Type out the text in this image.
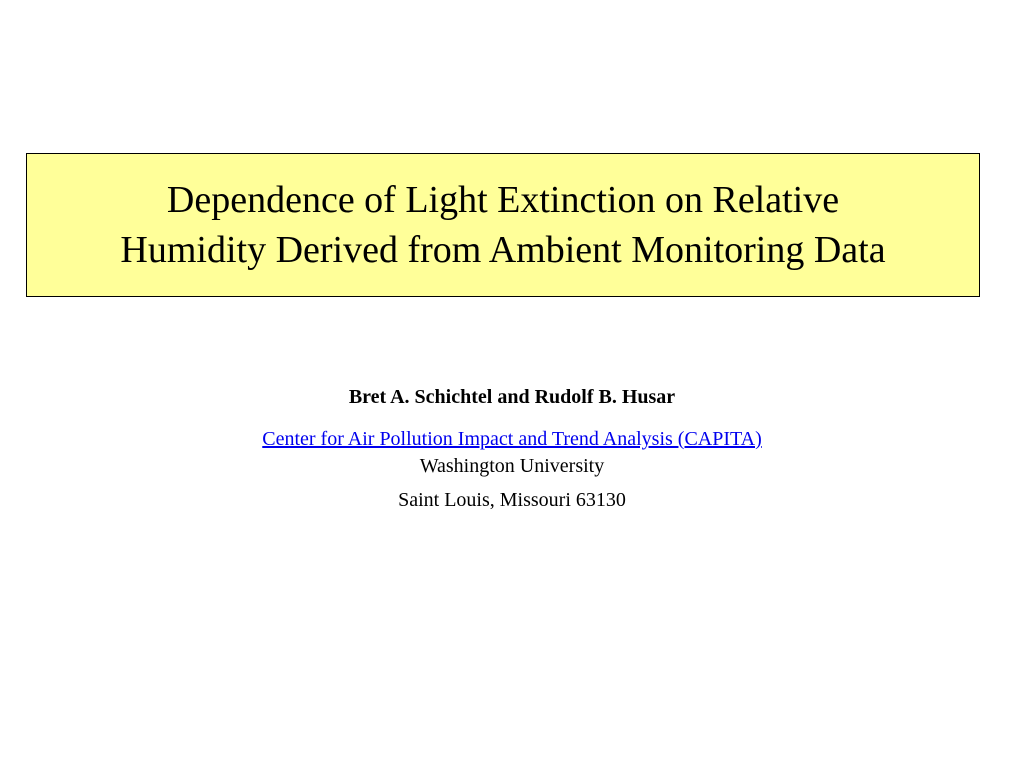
Dependence of Light Extinction on Relative
Humidity Derived from Ambient Monitoring Data
Bret A. Schichtel and Rudolf B. Husar
Center for Air Pollution Impact and Trend Analysis (CAPITA)
Washington University
Saint Louis, Missouri 63130
